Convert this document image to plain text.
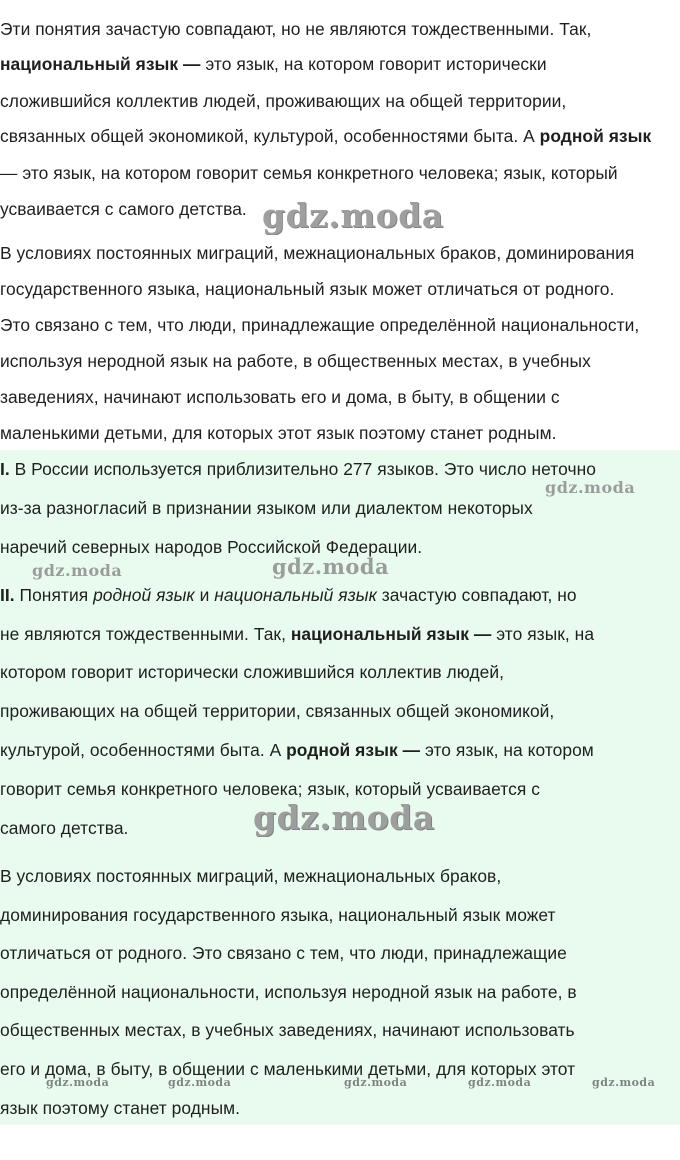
Эти понятия зачастую совпадают, но не являются тождественными. Так,
национальный язык — это язык, на котором говорит исторически
сложившийся коллектив людей, проживающих на общей территории,
связанных общей экономикой, культурой, особенностями быта. А родной язык
— это язык, на котором говорит семья конкретного человека; язык, который
усваивается с самого детства.
В условиях постоянных миграций, межнациональных браков, доминирования
государственного языка, национальный язык может отличаться от родного.
Это связано с тем, что люди, принадлежащие определённой национальности,
используя неродной язык на работе, в общественных местах, в учебных
заведениях, начинают использовать его и дома, в быту, в общении с
маленькими детьми, для которых этот язык поэтому станет родным.
I. В России используется приблизительно 277 языков. Это число неточно
из-за разногласий в признании языком или диалектом некоторых
наречий северных народов Российской Федерации.
II. Понятия родной язык и национальный язык зачастую совпадают, но
не являются тождественными. Так, национальный язык — это язык, на
котором говорит исторически сложившийся коллектив людей,
проживающих на общей территории, связанных общей экономикой,
культурой, особенностями быта. А родной язык — это язык, на котором
говорит семья конкретного человека; язык, который усваивается с
самого детства.
В условиях постоянных миграций, межнациональных браков,
доминирования государственного языка, национальный язык может
отличаться от родного. Это связано с тем, что люди, принадлежащие
определённой национальности, используя неродной язык на работе, в
общественных местах, в учебных заведениях, начинают использовать
его и дома, в быту, в общении с маленькими детьми, для которых этот
язык поэтому станет родным.
gdz.moda
gdz.moda
gdz.moda	gdz.moda
gdz.moda
gdz.moda	gdz.moda	gdz.moda	gdz.moda	gdz.moda
